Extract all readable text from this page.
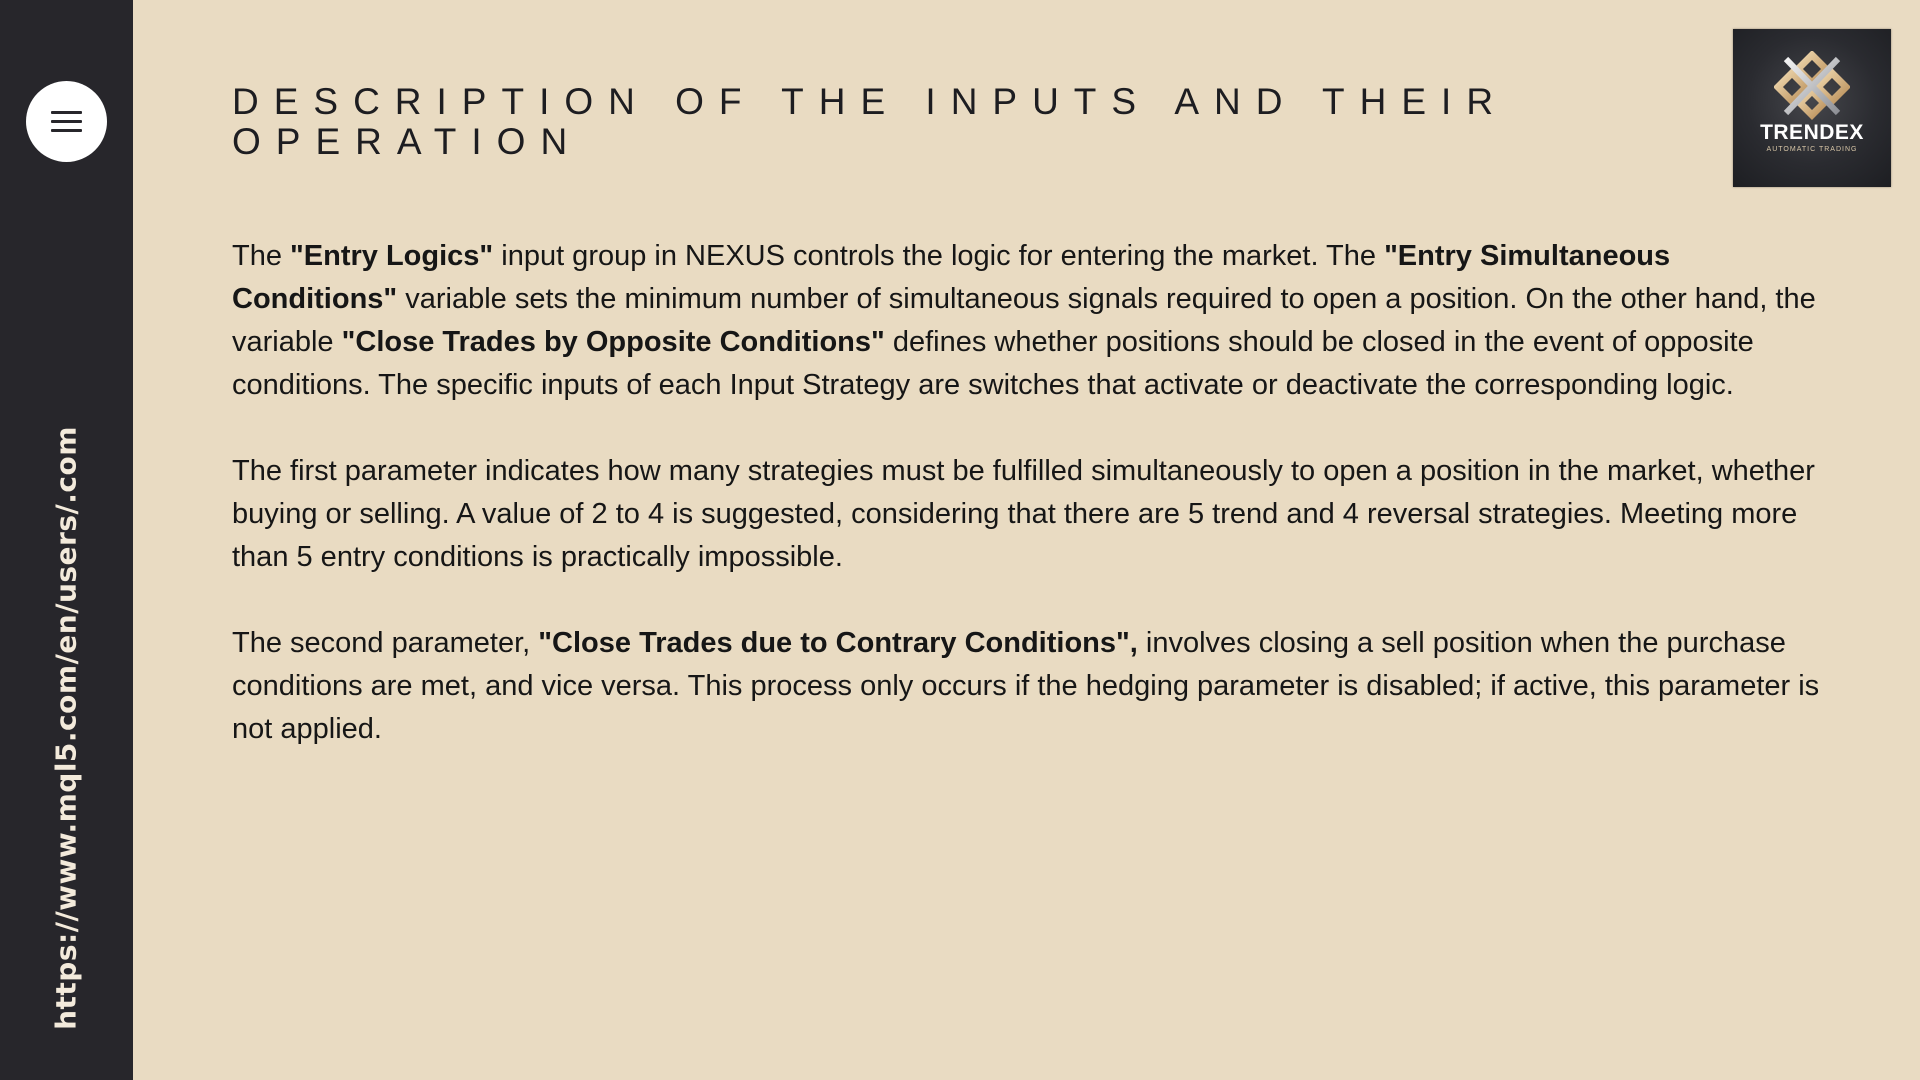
https://www.mql5.com/en/users/.com
TRENDEX
AUTOMATIC TRADING
DESCRIPTION OF THE INPUTS AND THEIR OPERATION

The "Entry Logics" input group in NEXUS controls the logic for entering the market. The "Entry Simultaneous Conditions" variable sets the minimum number of simultaneous signals required to open a position. On the other hand, the variable "Close Trades by Opposite Conditions" defines whether positions should be closed in the event of opposite conditions. The specific inputs of each Input Strategy are switches that activate or deactivate the corresponding logic.

The first parameter indicates how many strategies must be fulfilled simultaneously to open a position in the market, whether buying or selling. A value of 2 to 4 is suggested, considering that there are 5 trend and 4 reversal strategies. Meeting more than 5 entry conditions is practically impossible.

The second parameter, "Close Trades due to Contrary Conditions", involves closing a sell position when the purchase conditions are met, and vice versa. This process only occurs if the hedging parameter is disabled; if active, this parameter is not applied.
